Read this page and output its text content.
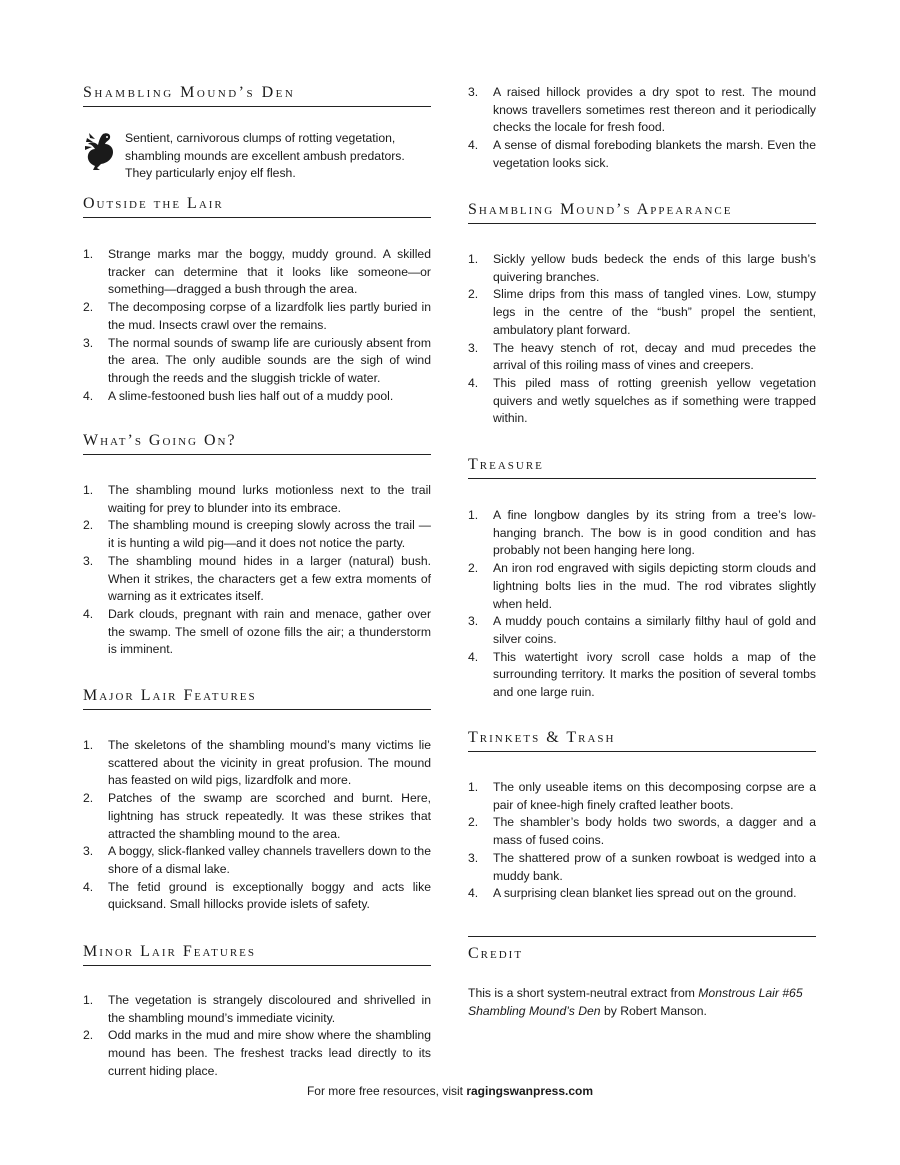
Shambling Mound’s Den
Sentient, carnivorous clumps of rotting vegetation, shambling mounds are excellent ambush predators. They particularly enjoy elf flesh.
Outside the Lair
1.	Strange marks mar the boggy, muddy ground. A skilled tracker can determine that it looks like someone—or something—dragged a bush through the area.
2.	The decomposing corpse of a lizardfolk lies partly buried in the mud. Insects crawl over the remains.
3.	The normal sounds of swamp life are curiously absent from the area. The only audible sounds are the sigh of wind through the reeds and the sluggish trickle of water.
4.	A slime-festooned bush lies half out of a muddy pool.
What’s Going On?
1.	The shambling mound lurks motionless next to the trail waiting for prey to blunder into its embrace.
2.	The shambling mound is creeping slowly across the trail —it is hunting a wild pig—and it does not notice the party.
3.	The shambling mound hides in a larger (natural) bush. When it strikes, the characters get a few extra moments of warning as it extricates itself.
4.	Dark clouds, pregnant with rain and menace, gather over the swamp. The smell of ozone fills the air; a thunderstorm is imminent.
Major Lair Features
1.	The skeletons of the shambling mound’s many victims lie scattered about the vicinity in great profusion. The mound has feasted on wild pigs, lizardfolk and more.
2.	Patches of the swamp are scorched and burnt. Here, lightning has struck repeatedly. It was these strikes that attracted the shambling mound to the area.
3.	A boggy, slick-flanked valley channels travellers down to the shore of a dismal lake.
4.	The fetid ground is exceptionally boggy and acts like quicksand. Small hillocks provide islets of safety.
Minor Lair Features
1.	The vegetation is strangely discoloured and shrivelled in the shambling mound’s immediate vicinity.
2.	Odd marks in the mud and mire show where the shambling mound has been. The freshest tracks lead directly to its current hiding place.
3.	A raised hillock provides a dry spot to rest. The mound knows travellers sometimes rest thereon and it periodically checks the locale for fresh food.
4.	A sense of dismal foreboding blankets the marsh. Even the vegetation looks sick.
Shambling Mound’s Appearance
1.	Sickly yellow buds bedeck the ends of this large bush’s quivering branches.
2.	Slime drips from this mass of tangled vines. Low, stumpy legs in the centre of the “bush” propel the sentient, ambulatory plant forward.
3.	The heavy stench of rot, decay and mud precedes the arrival of this roiling mass of vines and creepers.
4.	This piled mass of rotting greenish yellow vegetation quivers and wetly squelches as if something were trapped within.
Treasure
1.	A fine longbow dangles by its string from a tree’s low-hanging branch. The bow is in good condition and has probably not been hanging here long.
2.	An iron rod engraved with sigils depicting storm clouds and lightning bolts lies in the mud. The rod vibrates slightly when held.
3.	A muddy pouch contains a similarly filthy haul of gold and silver coins.
4.	This watertight ivory scroll case holds a map of the surrounding territory. It marks the position of several tombs and one large ruin.
Trinkets & Trash
1.	The only useable items on this decomposing corpse are a pair of knee-high finely crafted leather boots.
2.	The shambler’s body holds two swords, a dagger and a mass of fused coins.
3.	The shattered prow of a sunken rowboat is wedged into a muddy bank.
4.	A surprising clean blanket lies spread out on the ground.
Credit
This is a short system-neutral extract from Monstrous Lair #65 Shambling Mound’s Den by Robert Manson.
For more free resources, visit ragingswanpress.com
